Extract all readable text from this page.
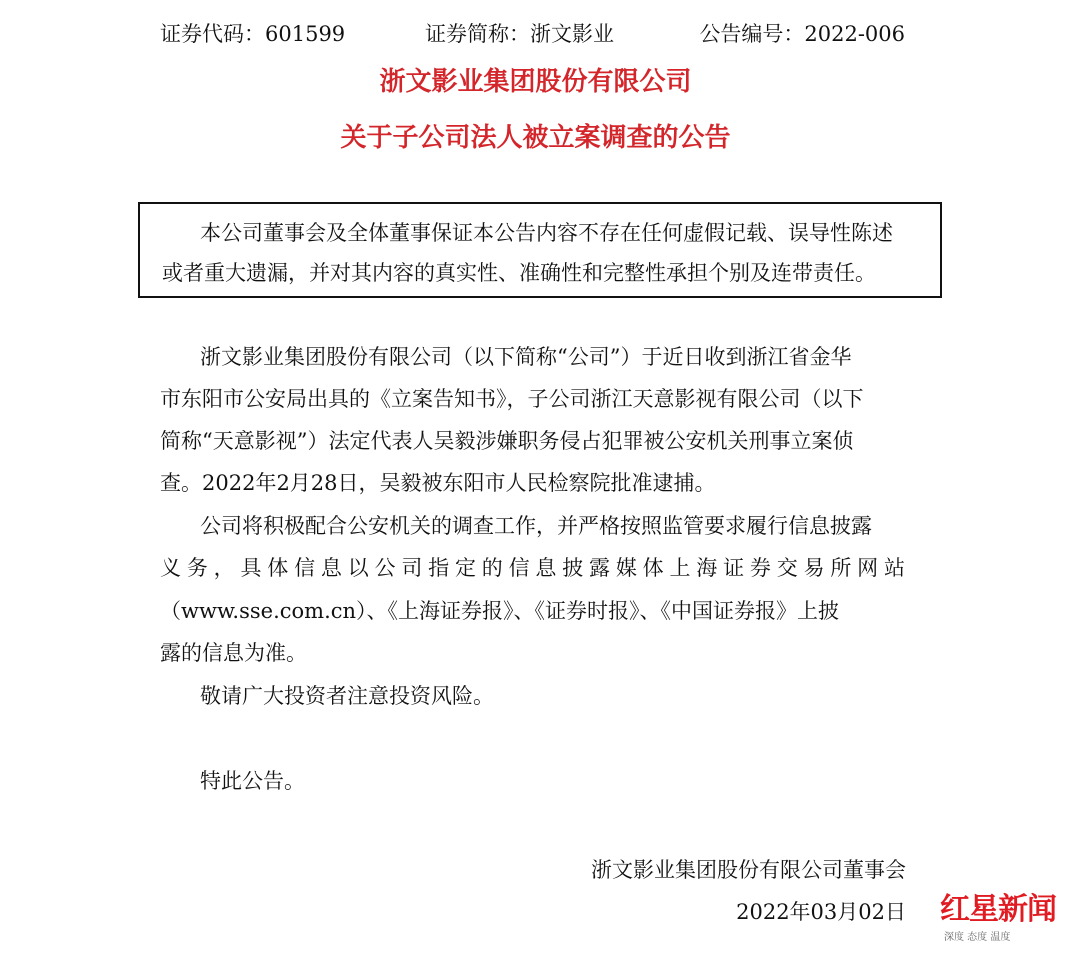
证券代码：601599	证券简称：浙文影业	公告编号：2022-006
浙文影业集团股份有限公司
关于子公司法人被立案调查的公告
本公司董事会及全体董事保证本公告内容不存在任何虚假记载、误导性陈述
或者重大遗漏，并对其内容的真实性、准确性和完整性承担个别及连带责任。
浙文影业集团股份有限公司（以下简称“公司”）于近日收到浙江省金华
市东阳市公安局出具的《立案告知书》，子公司浙江天意影视有限公司（以下
简称“天意影视”）法定代表人吴毅涉嫌职务侵占犯罪被公安机关刑事立案侦
查。2022年2月28日，吴毅被东阳市人民检察院批准逮捕。
公司将积极配合公安机关的调查工作，并严格按照监管要求履行信息披露
义务，具体信息以公司指定的信息披露媒体上海证券交易所网站
（www.sse.com.cn）、《上海证券报》、《证券时报》、《中国证券报》上披
露的信息为准。
敬请广大投资者注意投资风险。
特此公告。
浙文影业集团股份有限公司董事会
2022年03月02日 红星新闻
深度 态度 温度
